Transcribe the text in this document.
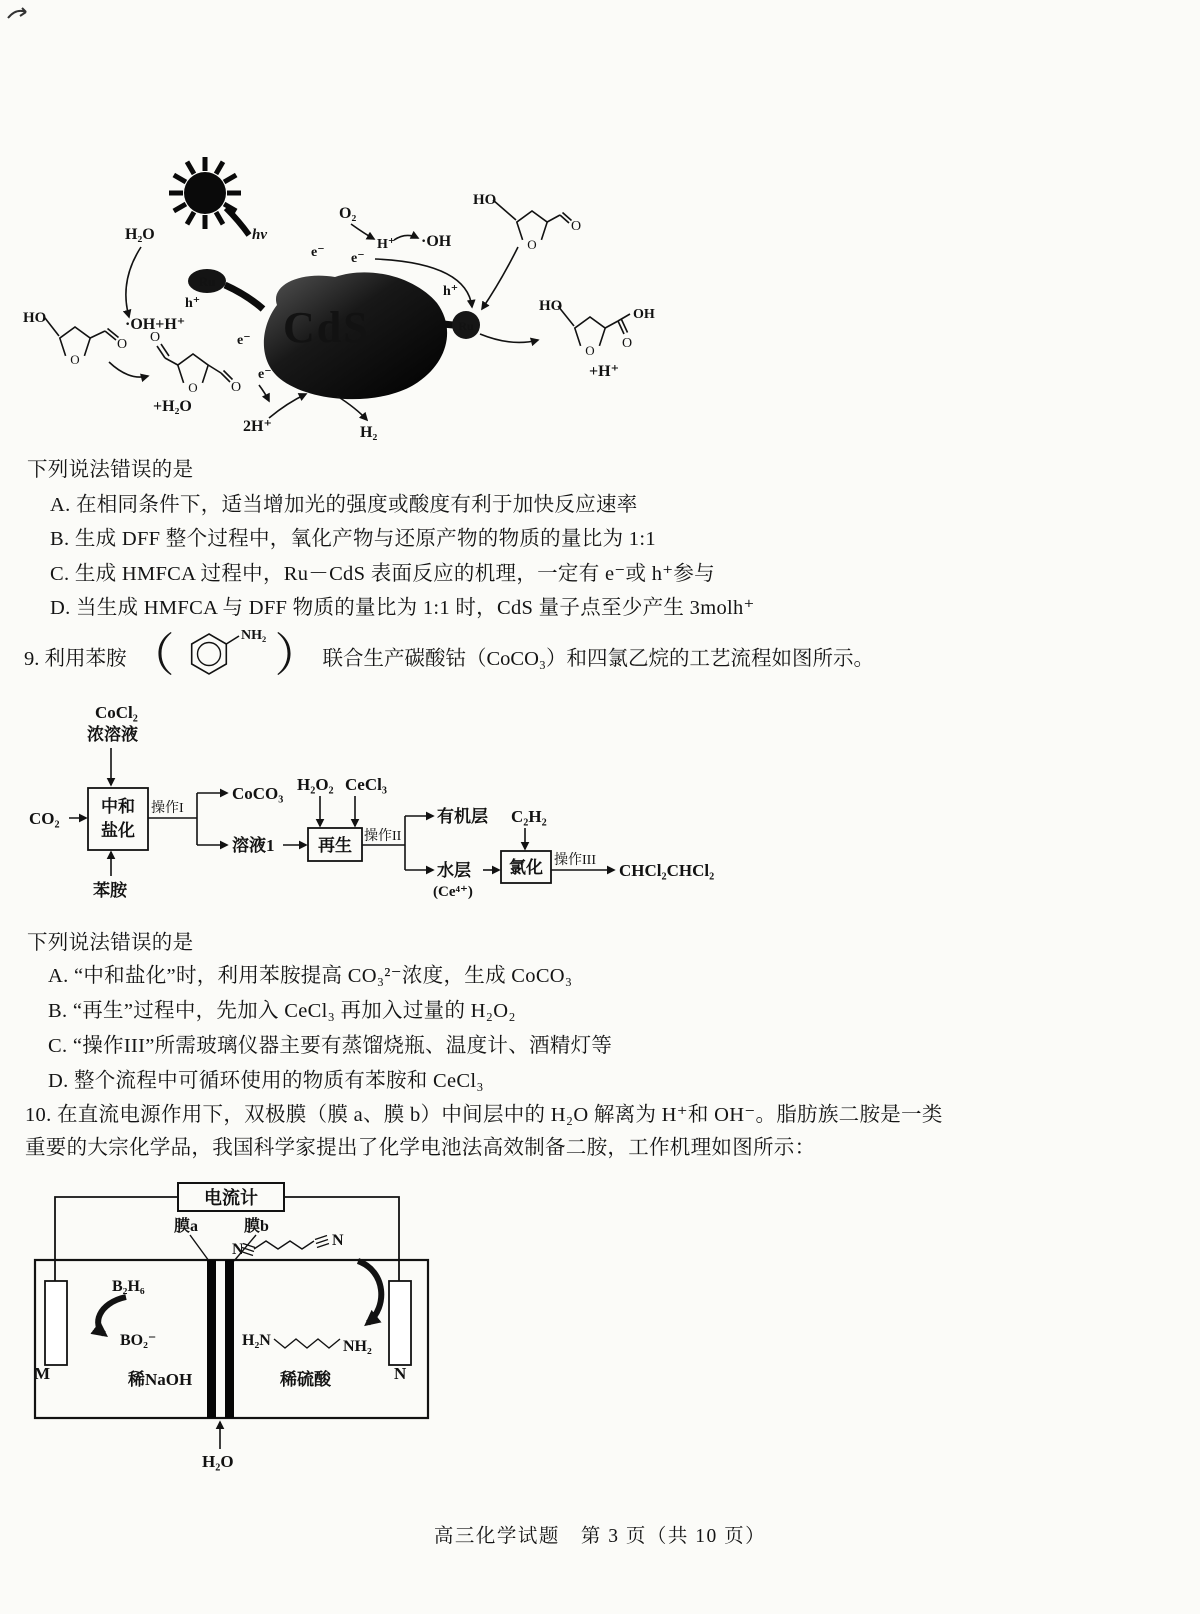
hν
H₂O
Ru
h⁺
·OH+H⁺
HO
O
O
O
O
O
+H₂O
CdS
e⁻ e⁻
e⁻
e⁻
O₂
H⁺ ·OH
h⁺
Ru
HO
O
O
HO
O
OH
O
+H⁺
2H⁺	H₂
下列说法错误的是
A. 在相同条件下，适当增加光的强度或酸度有利于加快反应速率
B. 生成 DFF 整个过程中，氧化产物与还原产物的物质的量比为 1:1
C. 生成 HMFCA 过程中，Ru－CdS 表面反应的机理，一定有 e⁻或 h⁺参与
D. 当生成 HMFCA 与 DFF 物质的量比为 1:1 时，CdS 量子点至少产生 3molh⁺
9. 利用苯胺 （	NH₂ ） 联合生产碳酸钴（CoCO₃）和四氯乙烷的工艺流程如图所示。
CoCl₂
浓溶液
CO₂
中和
盐化
操作I
CoCO₃
溶液1
苯胺
H₂O₂ CeCl₃
再生 操作II
有机层
水层
(Ce⁴⁺)
C₂H₂
氯化 操作III
CHCl₂CHCl₂
下列说法错误的是
A. “中和盐化”时，利用苯胺提高 CO₃²⁻浓度，生成 CoCO₃
B. “再生”过程中，先加入 CeCl₃ 再加入过量的 H₂O₂
C. “操作III”所需玻璃仪器主要有蒸馏烧瓶、温度计、酒精灯等
D. 整个流程中可循环使用的物质有苯胺和 CeCl₃
10. 在直流电源作用下，双极膜（膜 a、膜 b）中间层中的 H₂O 解离为 H⁺和 OH⁻。脂肪族二胺是一类
重要的大宗化学品，我国科学家提出了化学电池法高效制备二胺，工作机理如图所示：
电流计
膜a	膜b
M	N
B₂H₆
BO₂⁻
稀NaOH
N
N
H₂N	NH₂
稀硫酸
H₂O
高三化学试题　第 3 页（共 10 页）
